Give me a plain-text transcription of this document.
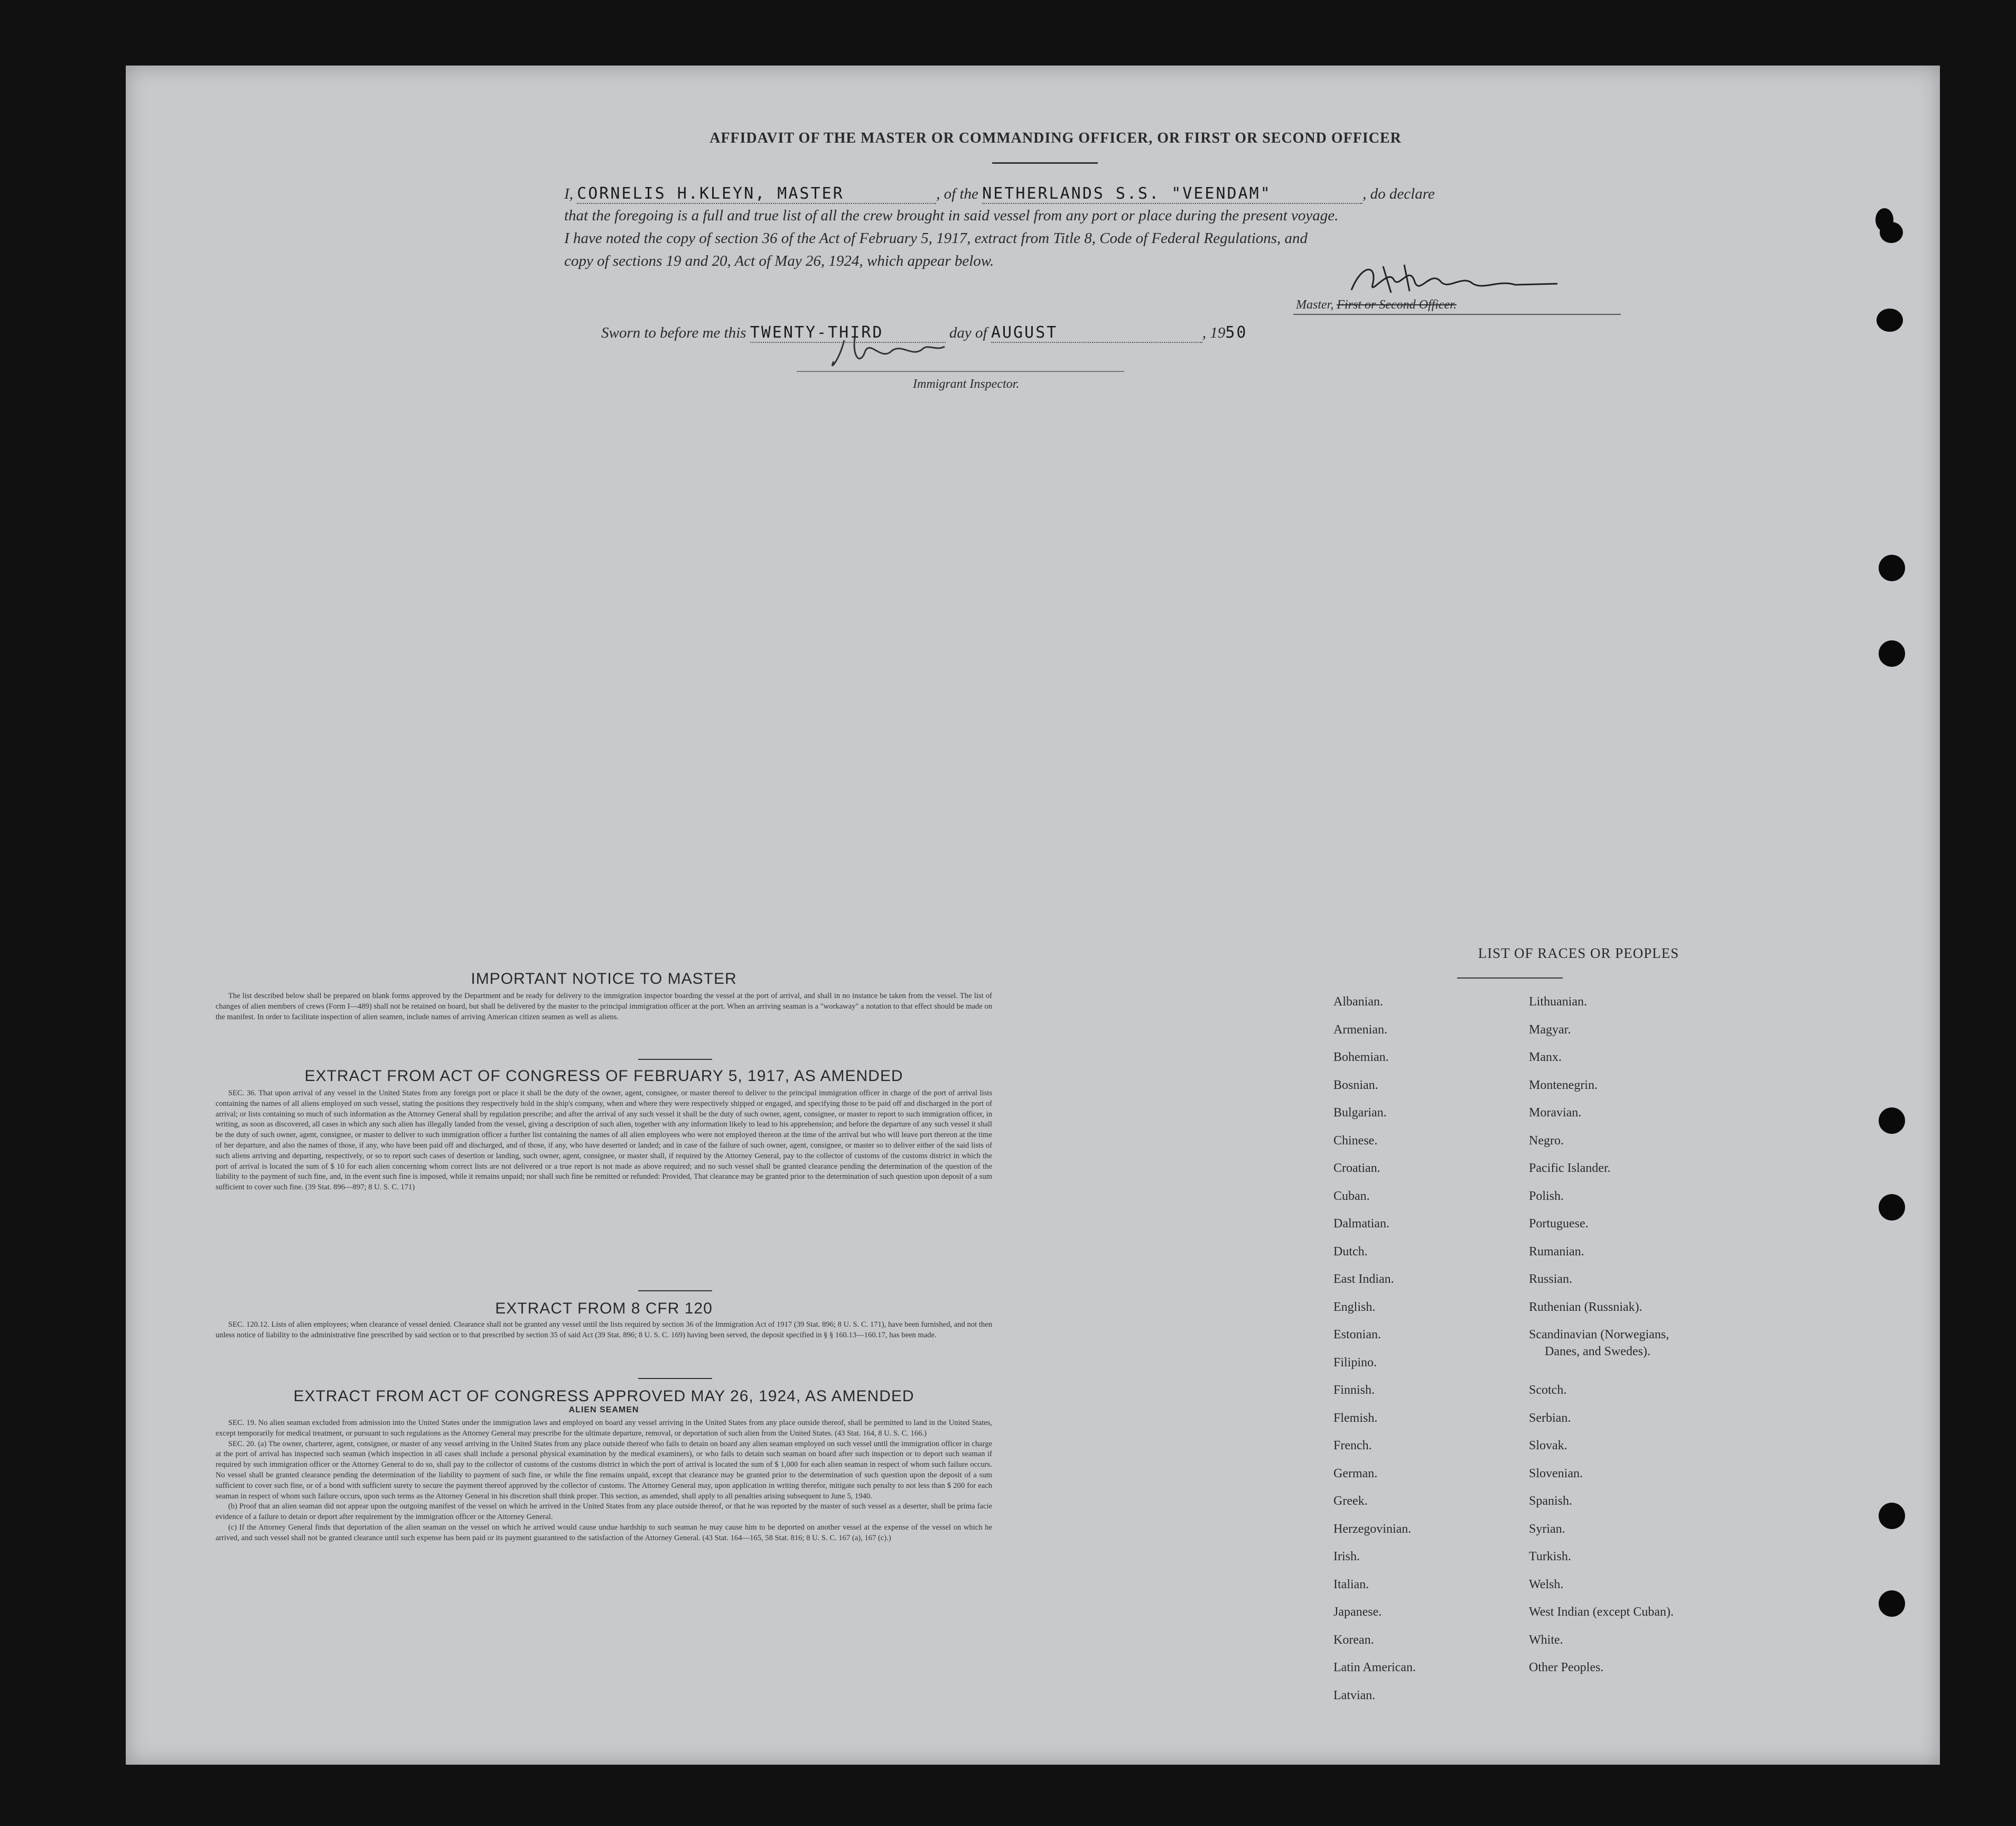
AFFIDAVIT OF THE MASTER OR COMMANDING OFFICER, OR FIRST OR SECOND OFFICER
I, CORNELIS H.KLEYN, MASTER	, of the NETHERLANDS S.S. "VEENDAM"	, do declare
that the foregoing is a full and true list of all the crew brought in said vessel from any port or place during the present voyage.
I have noted the copy of section 36 of the Act of February 5, 1917, extract from Title 8, Code of Federal Regulations, and
copy of sections 19 and 20, Act of May 26, 1924, which appear below.
Master, First or Second Officer.
Sworn to before me this TWENTY-THIRD	day of AUGUST	, 1950
Immigrant Inspector.
IMPORTANT NOTICE TO MASTER

The list described below shall be prepared on blank forms approved by the Department and be ready for delivery to the immigration inspector boarding the vessel at the port of arrival, and shall in no instance be taken from the vessel. The list of changes of alien members of crews (Form I—489) shall not be retained on board, but shall be delivered by the master to the principal immigration officer at the port. When an arriving seaman is a "workaway" a notation to that effect should be made on the manifest. In order to facilitate inspection of alien seamen, include names of arriving American citizen seamen as well as aliens.

EXTRACT FROM ACT OF CONGRESS OF FEBRUARY 5, 1917, AS AMENDED

SEC. 36. That upon arrival of any vessel in the United States from any foreign port or place it shall be the duty of the owner, agent, consignee, or master thereof to deliver to the principal immigration officer in charge of the port of arrival lists containing the names of all aliens employed on such vessel, stating the positions they respectively hold in the ship's company, when and where they were respectively shipped or engaged, and specifying those to be paid off and discharged in the port of arrival; or lists containing so much of such information as the Attorney General shall by regulation prescribe; and after the arrival of any such vessel it shall be the duty of such owner, agent, consignee, or master to report to such immigration officer, in writing, as soon as discovered, all cases in which any such alien has illegally landed from the vessel, giving a description of such alien, together with any information likely to lead to his apprehension; and before the departure of any such vessel it shall be the duty of such owner, agent, consignee, or master to deliver to such immigration officer a further list containing the names of all alien employees who were not employed thereon at the time of the arrival but who will leave port thereon at the time of her departure, and also the names of those, if any, who have been paid off and discharged, and of those, if any, who have deserted or landed; and in case of the failure of such owner, agent, consignee, or master so to deliver either of the said lists of such aliens arriving and departing, respectively, or so to report such cases of desertion or landing, such owner, agent, consignee, or master shall, if required by the Attorney General, pay to the collector of customs of the customs district in which the port of arrival is located the sum of $ 10 for each alien concerning whom correct lists are not delivered or a true report is not made as above required; and no such vessel shall be granted clearance pending the determination of the question of the liability to the payment of such fine, and, in the event such fine is imposed, while it remains unpaid; nor shall such fine be remitted or refunded: Provided, That clearance may be granted prior to the determination of such question upon deposit of a sum sufficient to cover such fine. (39 Stat. 896—897; 8 U. S. C. 171)

EXTRACT FROM 8 CFR 120

SEC. 120.12. Lists of alien employees; when clearance of vessel denied. Clearance shall not be granted any vessel until the lists required by section 36 of the Immigration Act of 1917 (39 Stat. 896; 8 U. S. C. 171), have been furnished, and not then unless notice of liability to the administrative fine prescribed by said section or to that prescribed by section 35 of said Act (39 Stat. 896; 8 U. S. C. 169) having been served, the deposit specified in § § 160.13—160.17, has been made.

EXTRACT FROM ACT OF CONGRESS APPROVED MAY 26, 1924, AS AMENDED
ALIEN SEAMEN

SEC. 19. No alien seaman excluded from admission into the United States under the immigration laws and employed on board any vessel arriving in the United States from any place outside thereof, shall be permitted to land in the United States, except temporarily for medical treatment, or pursuant to such regulations as the Attorney General may prescribe for the ultimate departure, removal, or deportation of such alien from the United States. (43 Stat. 164, 8 U. S. C. 166.)

SEC. 20. (a) The owner, charterer, agent, consignee, or master of any vessel arriving in the United States from any place outside thereof who fails to detain on board any alien seaman employed on such vessel until the immigration officer in charge at the port of arrival has inspected such seaman (which inspection in all cases shall include a personal physical examination by the medical examiners), or who fails to detain such seaman on board after such inspection or to deport such seaman if required by such immigration officer or the Attorney General to do so, shall pay to the collector of customs of the customs district in which the port of arrival is located the sum of $ 1,000 for each alien seaman in respect of whom such failure occurs. No vessel shall be granted clearance pending the determination of the liability to payment of such fine, or while the fine remains unpaid, except that clearance may be granted prior to the determination of such question upon the deposit of a sum sufficient to cover such fine, or of a bond with sufficient surety to secure the payment thereof approved by the collector of customs. The Attorney General may, upon application in writing therefor, mitigate such penalty to not less than $ 200 for each seaman in respect of whom such failure occurs, upon such terms as the Attorney General in his discretion shall think proper. This section, as amended, shall apply to all penalties arising subsequent to June 5, 1940.

(b) Proof that an alien seaman did not appear upon the outgoing manifest of the vessel on which he arrived in the United States from any place outside thereof, or that he was reported by the master of such vessel as a deserter, shall be prima facie evidence of a failure to detain or deport after requirement by the immigration officer or the Attorney General.

(c) If the Attorney General finds that deportation of the alien seaman on the vessel on which he arrived would cause undue hardship to such seaman he may cause him to be deported on another vessel at the expense of the vessel on which he arrived, and such vessel shall not be granted clearance until such expense has been paid or its payment guaranteed to the satisfaction of the Attorney General. (43 Stat. 164—165, 58 Stat. 816; 8 U. S. C. 167 (a), 167 (c).)

LIST OF RACES OR PEOPLES
Albanian.
Armenian.
Bohemian.
Bosnian.
Bulgarian.
Chinese.
Croatian.
Cuban.
Dalmatian.
Dutch.
East Indian.
English.
Estonian.
Filipino.
Finnish.
Flemish.
French.
German.
Greek.
Herzegovinian.
Irish.
Italian.
Japanese.
Korean.
Latin American.
Latvian.
Lithuanian.
Magyar.
Manx.
Montenegrin.
Moravian.
Negro.
Pacific Islander.
Polish.
Portuguese.
Rumanian.
Russian.
Ruthenian (Russniak).
Scandinavian (Norwegians,
Danes, and Swedes).
Scotch.
Serbian.
Slovak.
Slovenian.
Spanish.
Syrian.
Turkish.
Welsh.
West Indian (except Cuban).
White.
Other Peoples.
